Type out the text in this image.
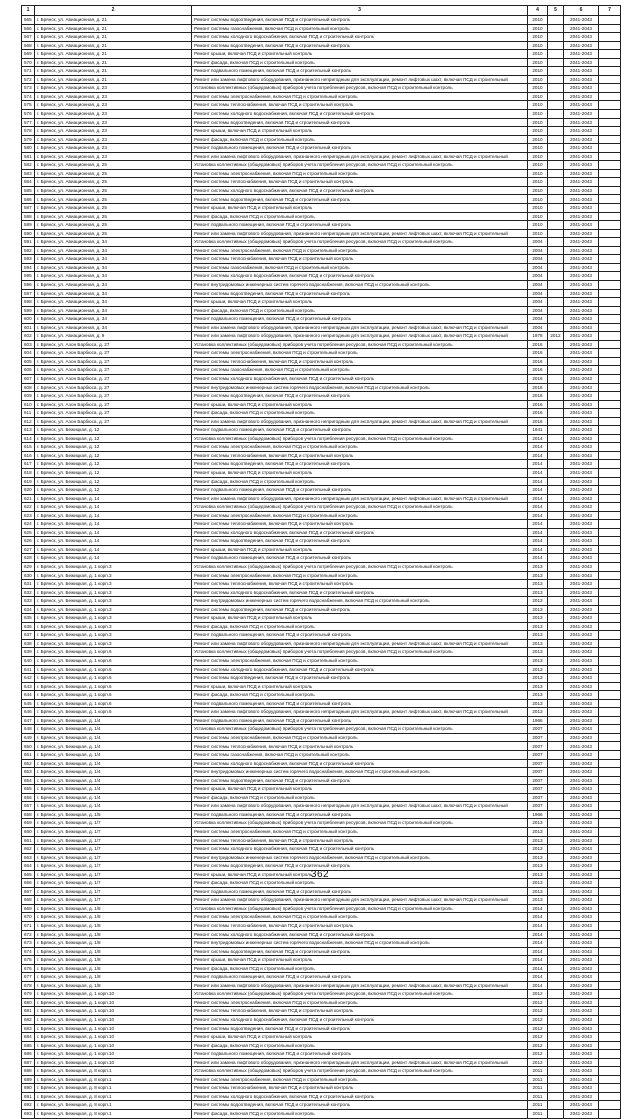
1	2	3	4	5	6	7
565	г. Брянск, ул. Авиационная, д. 21	Ремонт системы водоотведения, включая ПСД и строительный контроль	2010		2041-2043	
566	г. Брянск, ул. Авиационная, д. 21	Ремонт системы газоснабжения, включая ПСД и строительный контроль	2010		2041-2043	
567	г. Брянск, ул. Авиационная, д. 21	Ремонт системы холодного водоснабжения, включая ПСД и строительный контроль	2010		2041-2043	
568	г. Брянск, ул. Авиационная, д. 21	Ремонт системы водоотведения, включая ПСД и строительный контроль	2010		2041-2043	
569	г. Брянск, ул. Авиационная, д. 21	Ремонт крыши, включая ПСД и строительный контроль	2010		2041-2043	
570	г. Брянск, ул. Авиационная, д. 21	Ремонт фасада, включая ПСД и строительный контроль	2010		2041-2043	
571	г. Брянск, ул. Авиационная, д. 21	Ремонт подвального помещения, включая ПСД и строительный контроль	2010		2041-2043	
572	г. Брянск, ул. Авиационная, д. 21	Ремонт или замена лифтового оборудования, признанного непригодным для эксплуатации, ремонт лифтовых шахт, включая ПСД и строительный	2010		2041-2043	
573	г. Брянск, ул. Авиационная, д. 23	Установка коллективных (общедомовых) приборов учета потребления ресурсов, включая ПСД и строительный контроль	2010		2041-2043	
574	г. Брянск, ул. Авиационная, д. 23	Ремонт системы электроснабжения, включая ПСД и строительный контроль	2010		2041-2043	
575	г. Брянск, ул. Авиационная, д. 23	Ремонт системы теплоснабжения, включая ПСД и строительный контроль	2010		2041-2043	
576	г. Брянск, ул. Авиационная, д. 23	Ремонт системы холодного водоснабжения, включая ПСД и строительный контроль	2010		2041-2043	
577	г. Брянск, ул. Авиационная, д. 23	Ремонт системы водоотведения, включая ПСД и строительный контроль	2010		2041-2043	
578	г. Брянск, ул. Авиационная, д. 23	Ремонт крыши, включая ПСД и строительный контроль	2010		2041-2043	
579	г. Брянск, ул. Авиационная, д. 23	Ремонт фасада, включая ПСД и строительный контроль	2010		2041-2043	
580	г. Брянск, ул. Авиационная, д. 23	Ремонт подвального помещения, включая ПСД и строительный контроль	2010		2041-2043	
581	г. Брянск, ул. Авиационная, д. 23	Ремонт или замена лифтового оборудования, признанного непригодным для эксплуатации, ремонт лифтовых шахт, включая ПСД и строительный	2010		2041-2043	
582	г. Брянск, ул. Авиационная, д. 25	Установка коллективных (общедомовых) приборов учета потребления ресурсов, включая ПСД и строительный контроль	2010		2041-2043	
583	г. Брянск, ул. Авиационная, д. 25	Ремонт системы электроснабжения, включая ПСД и строительный контроль	2010		2041-2043	
584	г. Брянск, ул. Авиационная, д. 25	Ремонт системы теплоснабжения, включая ПСД и строительный контроль	2010		2041-2043	
585	г. Брянск, ул. Авиационная, д. 25	Ремонт системы холодного водоснабжения, включая ПСД и строительный контроль	2010		2041-2043	
586	г. Брянск, ул. Авиационная, д. 25	Ремонт системы водоотведения, включая ПСД и строительный контроль	2010		2041-2043	
587	г. Брянск, ул. Авиационная, д. 25	Ремонт крыши, включая ПСД и строительный контроль	2010		2041-2043	
588	г. Брянск, ул. Авиационная, д. 25	Ремонт фасада, включая ПСД и строительный контроль	2010		2041-2043	
589	г. Брянск, ул. Авиационная, д. 25	Ремонт подвального помещения, включая ПСД и строительный контроль	2010		2041-2043	
590	г. Брянск, ул. Авиационная, д. 25	Ремонт или замена лифтового оборудования, признанного непригодным для эксплуатации, ремонт лифтовых шахт, включая ПСД и строительный	2010		2041-2043	
591	г. Брянск, ул. Авиационная, д. 34	Установка коллективных (общедомовых) приборов учета потребления ресурсов, включая ПСД и строительный контроль	2004		2041-2043	
592	г. Брянск, ул. Авиационная, д. 34	Ремонт системы электроснабжения, включая ПСД и строительный контроль	2004		2041-2043	
593	г. Брянск, ул. Авиационная, д. 34	Ремонт системы теплоснабжения, включая ПСД и строительный контроль	2004		2041-2043	
594	г. Брянск, ул. Авиационная, д. 34	Ремонт системы газоснабжения, включая ПСД и строительный контроль	2004		2041-2043	
595	г. Брянск, ул. Авиационная, д. 34	Ремонт системы холодного водоснабжения, включая ПСД и строительный контроль	2004		2041-2043	
596	г. Брянск, ул. Авиационная, д. 34	Ремонт внутридомовых инженерных систем горячего водоснабжения, включая ПСД и строительный контроль	2004		2041-2043	
597	г. Брянск, ул. Авиационная, д. 34	Ремонт системы водоотведения, включая ПСД и строительный контроль	2004		2041-2043	
598	г. Брянск, ул. Авиационная, д. 34	Ремонт крыши, включая ПСД и строительный контроль	2004		2041-2043	
599	г. Брянск, ул. Авиационная, д. 34	Ремонт фасада, включая ПСД и строительный контроль	2004		2041-2043	
600	г. Брянск, ул. Авиационная, д. 34	Ремонт подвального помещения, включая ПСД и строительный контроль	2004		2041-2043	
601	г. Брянск, ул. Авиационная, д. 34	Ремонт или замена лифтового оборудования, признанного непригодным для эксплуатации, ремонт лифтовых шахт, включая ПСД и строительный	2004		2041-2043	
602	г. Брянск, ул. Авиационная, д. 9	Ремонт или замена лифтового оборудования, признанного непригодным для эксплуатации, ремонт лифтовых шахт, включая ПСД и строительный	1978	2012	2041-2043	
603	г. Брянск, ул. Аэон Барбюса, д. 27	Установка коллективных (общедомовых) приборов учета потребления ресурсов, включая ПСД и строительный контроль	2016		2041-2043	
604	г. Брянск, ул. Аэон Барбюса, д. 27	Ремонт системы электроснабжения, включая ПСД и строительный контроль	2016		2041-2043	
605	г. Брянск, ул. Аэон Барбюса, д. 27	Ремонт системы теплоснабжения, включая ПСД и строительный контроль	2016		2041-2043	
606	г. Брянск, ул. Аэон Барбюса, д. 27	Ремонт системы газоснабжения, включая ПСД и строительный контроль	2016		2041-2043	
607	г. Брянск, ул. Аэон Барбюса, д. 27	Ремонт системы холодного водоснабжения, включая ПСД и строительный контроль	2016		2041-2043	
608	г. Брянск, ул. Аэон Барбюса, д. 27	Ремонт внутридомовых инженерных систем горячего водоснабжения, включая ПСД и строительный контроль	2016		2041-2043	
609	г. Брянск, ул. Аэон Барбюса, д. 27	Ремонт системы водоотведения, включая ПСД и строительный контроль	2016		2041-2043	
610	г. Брянск, ул. Аэон Барбюса, д. 27	Ремонт крыши, включая ПСД и строительный контроль	2016		2041-2043	
611	г. Брянск, ул. Аэон Барбюса, д. 27	Ремонт фасада, включая ПСД и строительный контроль	2016		2041-2043	
612	г. Брянск, ул. Аэон Барбюса, д. 27	Ремонт или замена лифтового оборудования, признанного непригодным для эксплуатации, ремонт лифтовых шахт, включая ПСД и строительный	2016		2041-2043	
613	г. Брянск, ул. Бежицкая, д. 12	Ремонт подвального помещения, включая ПСД и строительный контроль	1941		2041-2043	
614	г. Брянск, ул. Бежицкая, д. 12	Установка коллективных (общедомовых) приборов учета потребления ресурсов, включая ПСД и строительный контроль	2014		2041-2043	
615	г. Брянск, ул. Бежицкая, д. 12	Ремонт системы электроснабжения, включая ПСД и строительный контроль	2014		2041-2043	
616	г. Брянск, ул. Бежицкая, д. 12	Ремонт системы теплоснабжения, включая ПСД и строительный контроль	2014		2041-2043	
617	г. Брянск, ул. Бежицкая, д. 12	Ремонт системы водоотведения, включая ПСД и строительный контроль	2014		2041-2043	
618	г. Брянск, ул. Бежицкая, д. 12	Ремонт крыши, включая ПСД и строительный контроль	2014		2041-2043	
619	г. Брянск, ул. Бежицкая, д. 12	Ремонт фасада, включая ПСД и строительный контроль	2014		2041-2043	
620	г. Брянск, ул. Бежицкая, д. 12	Ремонт подвального помещения, включая ПСД и строительный контроль	2014		2041-2043	
621	г. Брянск, ул. Бежицкая, д. 14	Ремонт или замена лифтового оборудования, признанного непригодным для эксплуатации, ремонт лифтовых шахт, включая ПСД и строительный	2014		2041-2043	
622	г. Брянск, ул. Бежицкая, д. 14	Установка коллективных (общедомовых) приборов учета потребления ресурсов, включая ПСД и строительный контроль	2014		2041-2043	
623	г. Брянск, ул. Бежицкая, д. 14	Ремонт системы электроснабжения, включая ПСД и строительный контроль	2014		2041-2043	
624	г. Брянск, ул. Бежицкая, д. 14	Ремонт системы теплоснабжения, включая ПСД и строительный контроль	2014		2041-2043	
625	г. Брянск, ул. Бежицкая, д. 14	Ремонт системы холодного водоснабжения, включая ПСД и строительный контроль	2014		2041-2043	
626	г. Брянск, ул. Бежицкая, д. 14	Ремонт системы водоотведения, включая ПСД и строительный контроль	2014		2041-2043	
627	г. Брянск, ул. Бежицкая, д. 14	Ремонт крыши, включая ПСД и строительный контроль	2014		2041-2043	
628	г. Брянск, ул. Бежицкая, д. 14	Ремонт подвального помещения, включая ПСД и строительный контроль	2014		2041-2043	
629	г. Брянск, ул. Бежицкая, д. 1 корп.3	Установка коллективных (общедомовых) приборов учета потребления ресурсов, включая ПСД и строительный контроль	2013		2041-2043	
630	г. Брянск, ул. Бежицкая, д. 1 корп.3	Ремонт системы электроснабжения, включая ПСД и строительный контроль	2013		2041-2043	
631	г. Брянск, ул. Бежицкая, д. 1 корп.3	Ремонт системы теплоснабжения, включая ПСД и строительный контроль	2013		2041-2043	
632	г. Брянск, ул. Бежицкая, д. 1 корп.3	Ремонт системы холодного водоснабжения, включая ПСД и строительный контроль	2013		2041-2043	
633	г. Брянск, ул. Бежицкая, д. 1 корп.3	Ремонт внутридомовых инженерных систем горячего водоснабжения, включая ПСД и строительный контроль	2013		2041-2043	
634	г. Брянск, ул. Бежицкая, д. 1 корп.3	Ремонт системы водоотведения, включая ПСД и строительный контроль	2013		2041-2043	
635	г. Брянск, ул. Бежицкая, д. 1 корп.3	Ремонт крыши, включая ПСД и строительный контроль	2013		2041-2043	
636	г. Брянск, ул. Бежицкая, д. 1 корп.3	Ремонт фасада, включая ПСД и строительный контроль	2013		2041-2043	
637	г. Брянск, ул. Бежицкая, д. 1 корп.3	Ремонт подвального помещения, включая ПСД и строительный контроль	2013		2041-2043	
638	г. Брянск, ул. Бежицкая, д. 1 корп.3	Ремонт или замена лифтового оборудования, признанного непригодным для эксплуатации, ремонт лифтовых шахт, включая ПСД и строительный	2013		2041-2043	
639	г. Брянск, ул. Бежицкая, д. 1 корп.6	Установка коллективных (общедомовых) приборов учета потребления ресурсов, включая ПСД и строительный контроль	2013		2041-2043	
640	г. Брянск, ул. Бежицкая, д. 1 корп.6	Ремонт системы электроснабжения, включая ПСД и строительный контроль	2013		2041-2043	
641	г. Брянск, ул. Бежицкая, д. 1 корп.6	Ремонт системы холодного водоснабжения, включая ПСД и строительный контроль	2013		2041-2043	
642	г. Брянск, ул. Бежицкая, д. 1 корп.6	Ремонт системы водоотведения, включая ПСД и строительный контроль	2013		2041-2043	
643	г. Брянск, ул. Бежицкая, д. 1 корп.6	Ремонт крыши, включая ПСД и строительный контроль	2013		2041-2043	
644	г. Брянск, ул. Бежицкая, д. 1 корп.6	Ремонт фасада, включая ПСД и строительный контроль	2013		2041-2043	
645	г. Брянск, ул. Бежицкая, д. 1 корп.6	Ремонт подвального помещения, включая ПСД и строительный контроль	2013		2041-2043	
646	г. Брянск, ул. Бежицкая, д. 1 корп.6	Ремонт или замена лифтового оборудования, признанного непригодным для эксплуатации, ремонт лифтовых шахт, включая ПСД и строительный	2013		2041-2043	
647	г. Брянск, ул. Бежицкая, д. 1/4	Ремонт подвального помещения, включая ПСД и строительный контроль	1966		2041-2043	
648	г. Брянск, ул. Бежицкая, д. 1/4	Установка коллективных (общедомовых) приборов учета потребления ресурсов, включая ПСД и строительный контроль	2007		2041-2043	
649	г. Брянск, ул. Бежицкая, д. 1/4	Ремонт системы электроснабжения, включая ПСД и строительный контроль	2007		2041-2043	
650	г. Брянск, ул. Бежицкая, д. 1/4	Ремонт системы теплоснабжения, включая ПСД и строительный контроль	2007		2041-2043	
651	г. Брянск, ул. Бежицкая, д. 1/4	Ремонт системы газоснабжения, включая ПСД и строительный контроль	2007		2041-2043	
652	г. Брянск, ул. Бежицкая, д. 1/4	Ремонт системы холодного водоснабжения, включая ПСД и строительный контроль	2007		2041-2043	
653	г. Брянск, ул. Бежицкая, д. 1/4	Ремонт внутридомовых инженерных систем горячего водоснабжения, включая ПСД и строительный контроль	2007		2041-2043	
654	г. Брянск, ул. Бежицкая, д. 1/4	Ремонт системы водоотведения, включая ПСД и строительный контроль	2007		2041-2043	
655	г. Брянск, ул. Бежицкая, д. 1/4	Ремонт крыши, включая ПСД и строительный контроль	2007		2041-2043	
656	г. Брянск, ул. Бежицкая, д. 1/4	Ремонт фасада, включая ПСД и строительный контроль	2007		2041-2043	
657	г. Брянск, ул. Бежицкая, д. 1/4	Ремонт или замена лифтового оборудования, признанного непригодным для эксплуатации, ремонт лифтовых шахт, включая ПСД и строительный	2007		2041-2043	
658	г. Брянск, ул. Бежицкая, д. 1/5	Ремонт подвального помещения, включая ПСД и строительный контроль	1966		2041-2043	
659	г. Брянск, ул. Бежицкая, д. 1/7	Установка коллективных (общедомовых) приборов учета потребления ресурсов, включая ПСД и строительный контроль	2013		2041-2043	
660	г. Брянск, ул. Бежицкая, д. 1/7	Ремонт системы электроснабжения, включая ПСД и строительный контроль	2013		2041-2043	
661	г. Брянск, ул. Бежицкая, д. 1/7	Ремонт системы теплоснабжения, включая ПСД и строительный контроль	2013		2041-2043	
662	г. Брянск, ул. Бежицкая, д. 1/7	Ремонт системы холодного водоснабжения, включая ПСД и строительный контроль	2013		2041-2043	
663	г. Брянск, ул. Бежицкая, д. 1/7	Ремонт внутридомовых инженерных систем горячего водоснабжения, включая ПСД и строительный контроль	2013		2041-2043	
664	г. Брянск, ул. Бежицкая, д. 1/7	Ремонт системы водоотведения, включая ПСД и строительный контроль	2013		2041-2043	
665	г. Брянск, ул. Бежицкая, д. 1/7	Ремонт крыши, включая ПСД и строительный контроль	2013		2041-2043	
666	г. Брянск, ул. Бежицкая, д. 1/7	Ремонт фасада, включая ПСД и строительный контроль	2013		2041-2043	
667	г. Брянск, ул. Бежицкая, д. 1/7	Ремонт подвального помещения, включая ПСД и строительный контроль	2013		2041-2043	
668	г. Брянск, ул. Бежицкая, д. 1/7	Ремонт или замена лифтового оборудования, признанного непригодным для эксплуатации, ремонт лифтовых шахт, включая ПСД и строительный	2013		2041-2043	
669	г. Брянск, ул. Бежицкая, д. 1/8	Установка коллективных (общедомовых) приборов учета потребления ресурсов, включая ПСД и строительный контроль	2014		2041-2043	
670	г. Брянск, ул. Бежицкая, д. 1/8	Ремонт системы электроснабжения, включая ПСД и строительный контроль	2014		2041-2043	
671	г. Брянск, ул. Бежицкая, д. 1/8	Ремонт системы теплоснабжения, включая ПСД и строительный контроль	2014		2041-2043	
672	г. Брянск, ул. Бежицкая, д. 1/8	Ремонт системы холодного водоснабжения, включая ПСД и строительный контроль	2014		2041-2043	
673	г. Брянск, ул. Бежицкая, д. 1/8	Ремонт внутридомовых инженерных систем горячего водоснабжения, включая ПСД и строительный контроль	2014		2041-2043	
674	г. Брянск, ул. Бежицкая, д. 1/8	Ремонт системы водоотведения, включая ПСД и строительный контроль	2014		2041-2043	
675	г. Брянск, ул. Бежицкая, д. 1/8	Ремонт крыши, включая ПСД и строительный контроль	2014		2041-2043	
676	г. Брянск, ул. Бежицкая, д. 1/8	Ремонт фасада, включая ПСД и строительный контроль	2014		2041-2043	
677	г. Брянск, ул. Бежицкая, д. 1/8	Ремонт подвального помещения, включая ПСД и строительный контроль	2014		2041-2043	
678	г. Брянск, ул. Бежицкая, д. 1/8	Ремонт или замена лифтового оборудования, признанного непригодным для эксплуатации, ремонт лифтовых шахт, включая ПСД и строительный	2014		2041-2043	
679	г. Брянск, ул. Бежицкая, д. 1 корп.10	Установка коллективных (общедомовых) приборов учета потребления ресурсов, включая ПСД и строительный контроль	2012		2041-2043	
680	г. Брянск, ул. Бежицкая, д. 1 корп.10	Ремонт системы электроснабжения, включая ПСД и строительный контроль	2012		2041-2043	
681	г. Брянск, ул. Бежицкая, д. 1 корп.10	Ремонт системы теплоснабжения, включая ПСД и строительный контроль	2012		2041-2043	
682	г. Брянск, ул. Бежицкая, д. 1 корп.10	Ремонт системы холодного водоснабжения, включая ПСД и строительный контроль	2012		2041-2043	
683	г. Брянск, ул. Бежицкая, д. 1 корп.10	Ремонт системы водоотведения, включая ПСД и строительный контроль	2012		2041-2043	
684	г. Брянск, ул. Бежицкая, д. 1 корп.10	Ремонт крыши, включая ПСД и строительный контроль	2012		2041-2043	
685	г. Брянск, ул. Бежицкая, д. 1 корп.10	Ремонт фасада, включая ПСД и строительный контроль	2012		2041-2043	
686	г. Брянск, ул. Бежицкая, д. 1 корп.10	Ремонт подвального помещения, включая ПСД и строительный контроль	2012		2041-2043	
687	г. Брянск, ул. Бежицкая, д. 1 корп.10	Ремонт или замена лифтового оборудования, признанного непригодным для эксплуатации, ремонт лифтовых шахт, включая ПСД и строительный	2012		2041-2043	
688	г. Брянск, ул. Бежицкая, д. 8 корп.1	Установка коллективных (общедомовых) приборов учета потребления ресурсов, включая ПСД и строительный контроль	2011		2041-2043	
689	г. Брянск, ул. Бежицкая, д. 8 корп.1	Ремонт системы электроснабжения, включая ПСД и строительный контроль	2011		2041-2043	
690	г. Брянск, ул. Бежицкая, д. 8 корп.1	Ремонт системы теплоснабжения, включая ПСД и строительный контроль	2011		2041-2043	
691	г. Брянск, ул. Бежицкая, д. 8 корп.1	Ремонт системы холодного водоснабжения, включая ПСД и строительный контроль	2011		2041-2043	
692	г. Брянск, ул. Бежицкая, д. 8 корп.1	Ремонт системы водоотведения, включая ПСД и строительный контроль	2011		2041-2043	
693	г. Брянск, ул. Бежицкая, д. 8 корп.1	Ремонт фасада, включая ПСД и строительный контроль	2011		2041-2043	
362
